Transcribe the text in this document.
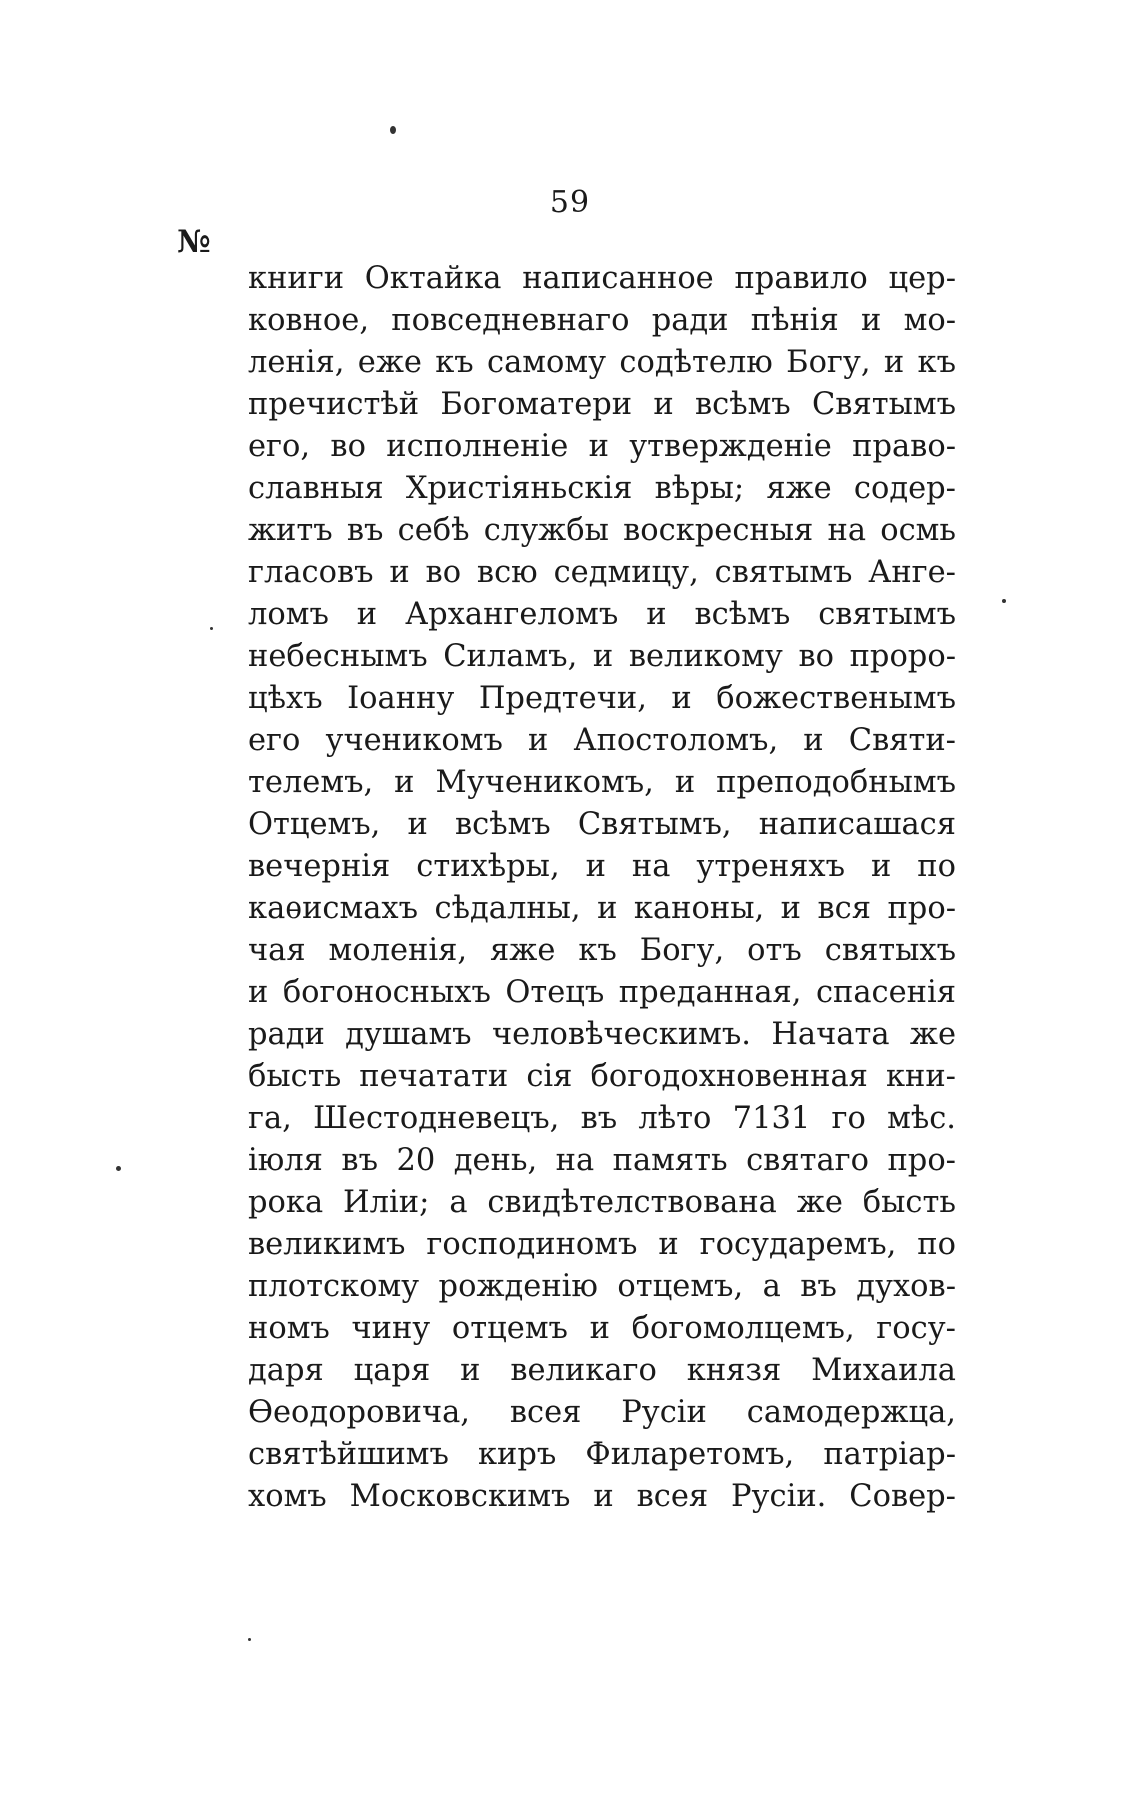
59
№
книги Октайка написанное правило цер-
ковное, повседневнаго ради пѣнія и мо-
ленія, еже къ самому содѣтелю Богу, и къ
пречистѣй Богоматери и всѣмъ Святымъ
его, во исполненіе и утвержденіе право-
славныя Христіяньскія вѣры; яже содер-
житъ въ себѣ службы воскресныя на осмь
гласовъ и во всю седмицу, святымъ Анге-
ломъ и Архангеломъ и всѣмъ святымъ
небеснымъ Силамъ, и великому во проро-
цѣхъ Іоанну Предтечи, и божественымъ
его ученикомъ и Апостоломъ, и Святи-
телемъ, и Мученикомъ, и преподобнымъ
Отцемъ, и всѣмъ Святымъ, написашася
вечернія стихѣры, и на утреняхъ и по
каѳисмахъ сѣдалны, и каноны, и вся про-
чая моленія, яже къ Богу, отъ святыхъ
и богоносныхъ Отецъ преданная, спасенія
ради душамъ человѣческимъ. Начата же
бысть печатати сія богодохновенная кни-
га, Шестодневецъ, въ лѣто 7131 го мѣс.
іюля въ 20 день, на память святаго про-
рока Иліи; а свидѣтелствована же бысть
великимъ господиномъ и государемъ, по
плотскому рожденію отцемъ, а въ духов-
номъ чину отцемъ и богомолцемъ, госу-
даря царя и великаго князя Михаила
Ѳеодоровича, всея Русіи самодержца,
святѣйшимъ киръ Филаретомъ, патріар-
хомъ Московскимъ и всея Русіи. Совер-
